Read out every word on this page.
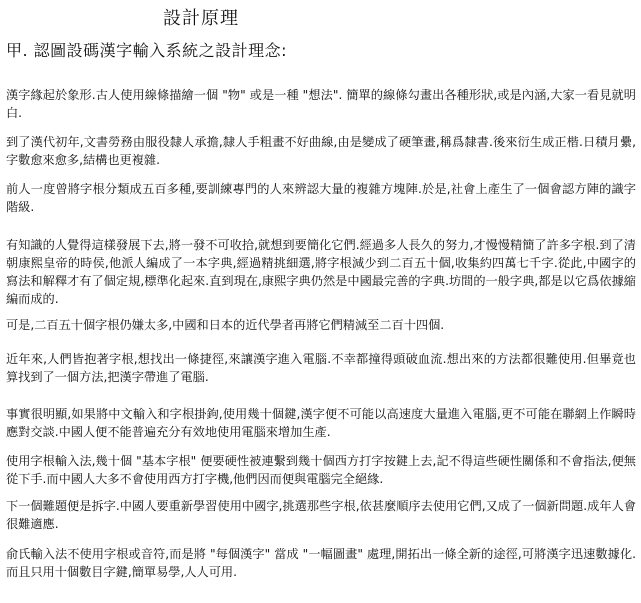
設計原理
甲. 認圖設碼漢字輸入系統之設計理念:
漢字緣起於象形.古人使用線條描繪一個 "物" 或是一種 "想法". 簡單的線條勾畫出各種形狀,或是內涵,大家一看見就明白.
到了漢代初年,文書勞務由服役隸人承擔,隸人手粗畫不好曲線,由是變成了硬筆畫,稱爲隸書.後來衍生成正楷.日積月纍,字數愈來愈多,結構也更複雜.
前人一度曾將字根分類成五百多種,要訓練專門的人來辨認大量的複雜方塊陣.於是,社會上產生了一個會認方陣的識字階級.
有知識的人覺得這樣發展下去,將一發不可收拾,就想到要簡化它們.經過多人長久的努力,才慢慢精簡了許多字根.到了清朝康熙皇帝的時侯,他派人編成了一本字典,經過精挑細選,將字根減少到二百五十個,收集約四萬七千字.從此,中國字的寫法和解釋才有了個定規,標準化起來.直到現在,康熙字典仍然是中國最完善的字典.坊間的一般字典,都是以它爲依據縮編而成的.
可是,二百五十個字根仍嫌太多,中國和日本的近代學者再將它們精減至二百十四個.
近年來,人們皆抱著字根,想找出一條捷徑,來讓漢字進入電腦.不幸都撞得頭破血流.想出來的方法都很難使用.但畢竟也算找到了一個方法,把漢字帶進了電腦.
事實很明顯,如果將中文輸入和字根掛鉤,使用幾十個鍵,漢字便不可能以高速度大量進入電腦,更不可能在聯網上作瞬時應對交談.中國人便不能普遍充分有效地使用電腦來增加生產.
使用字根輸入法,幾十個 "基本字根" 便要硬性被連繫到幾十個西方打字按鍵上去,記不得這些硬性關係和不會指法,便無從下手.而中國人大多不會使用西方打字機,他們因而便與電腦完全絕緣.
下一個難題便是拆字.中國人要重新學習使用中國字,挑選那些字根,依甚麼順序去使用它們,又成了一個新問題.成年人會很難適應.
俞氏輸入法不使用字根或音符,而是將 "每個漢字" 當成 "一幅圖畫" 處理,開拓出一條全新的途徑,可將漢字迅速數據化.而且只用十個數目字鍵,簡單易學,人人可用.
